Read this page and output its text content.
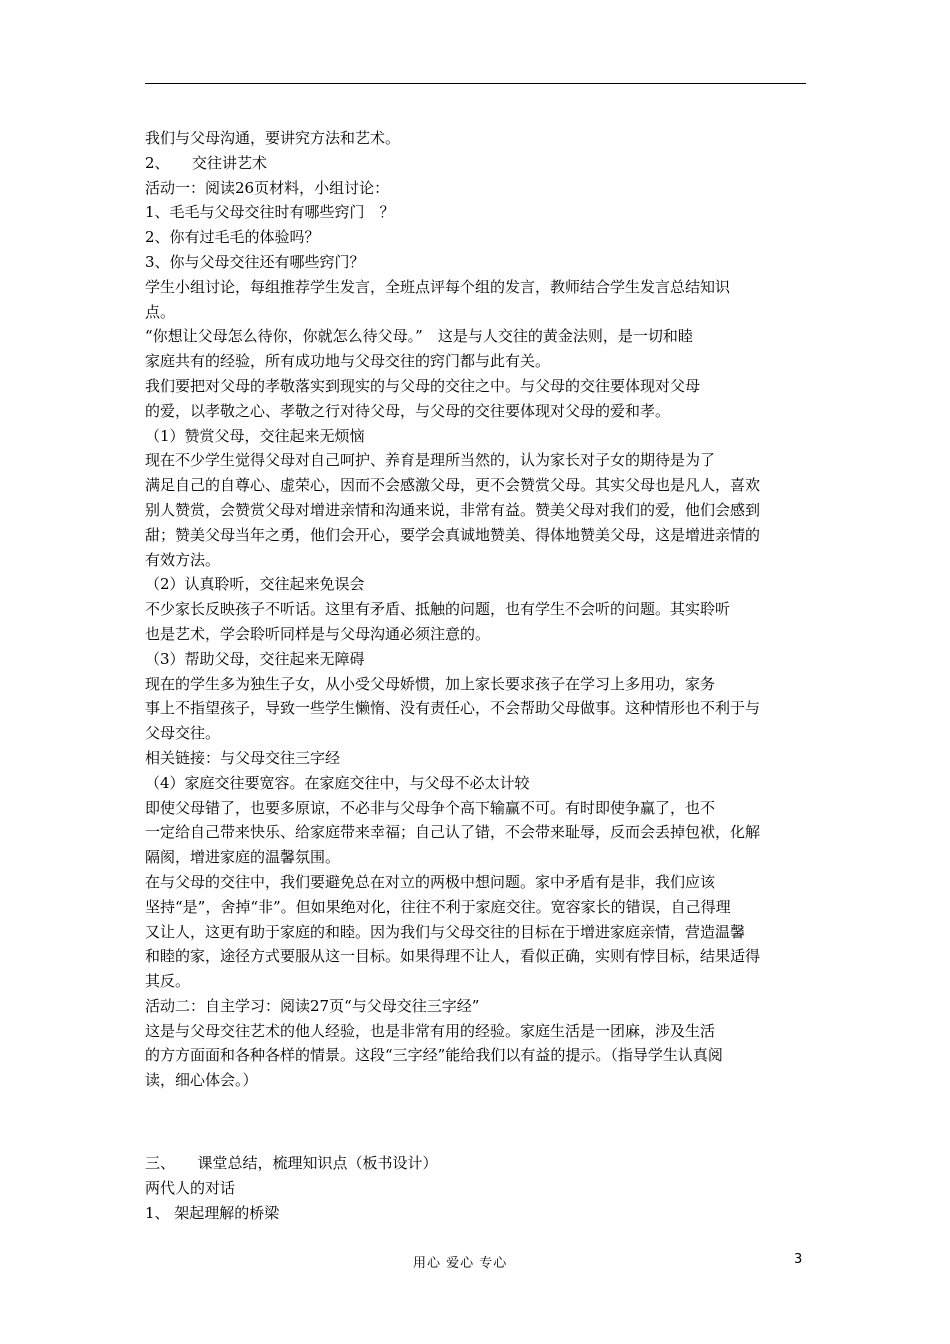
我们与父母沟通，要讲究方法和艺术。

2、　　交往讲艺术

活动一：阅读26页材料，小组讨论：

1、毛毛与父母交往时有哪些窍门　？

2、你有过毛毛的体验吗？

3、你与父母交往还有哪些窍门？

学生小组讨论，每组推荐学生发言，全班点评每个组的发言，教师结合学生发言总结知识

点。

“你想让父母怎么待你，你就怎么待父母。”　这是与人交往的黄金法则，是一切和睦

家庭共有的经验，所有成功地与父母交往的窍门都与此有关。

我们要把对父母的孝敬落实到现实的与父母的交往之中。与父母的交往要体现对父母

的爱，以孝敬之心、孝敬之行对待父母，与父母的交往要体现对父母的爱和孝。

（1）赞赏父母，交往起来无烦恼

现在不少学生觉得父母对自己呵护、养育是理所当然的，认为家长对子女的期待是为了

满足自己的自尊心、虚荣心，因而不会感激父母，更不会赞赏父母。其实父母也是凡人，喜欢

别人赞赏，会赞赏父母对增进亲情和沟通来说，非常有益。赞美父母对我们的爱，他们会感到

甜；赞美父母当年之勇，他们会开心，要学会真诚地赞美、得体地赞美父母，这是增进亲情的

有效方法。

（2）认真聆听，交往起来免误会

不少家长反映孩子不听话。这里有矛盾、抵触的问题，也有学生不会听的问题。其实聆听

也是艺术，学会聆听同样是与父母沟通必须注意的。

（3）帮助父母，交往起来无障碍

现在的学生多为独生子女，从小受父母娇惯，加上家长要求孩子在学习上多用功，家务

事上不指望孩子，导致一些学生懒惰、没有责任心，不会帮助父母做事。这种情形也不利于与

父母交往。

相关链接：与父母交往三字经

（4）家庭交往要宽容。在家庭交往中，与父母不必太计较

即使父母错了，也要多原谅，不必非与父母争个高下输赢不可。有时即使争赢了，也不

一定给自己带来快乐、给家庭带来幸福；自己认了错，不会带来耻辱，反而会丢掉包袱，化解

隔阂，增进家庭的温馨氛围。

在与父母的交往中，我们要避免总在对立的两极中想问题。家中矛盾有是非，我们应该

坚持“是”，舍掉“非”。但如果绝对化，往往不利于家庭交往。宽容家长的错误，自己得理

又让人，这更有助于家庭的和睦。因为我们与父母交往的目标在于增进家庭亲情，营造温馨

和睦的家，途径方式要服从这一目标。如果得理不让人，看似正确，实则有悖目标，结果适得

其反。

活动二：自主学习：阅读27页“与父母交往三字经”

这是与父母交往艺术的他人经验，也是非常有用的经验。家庭生活是一团麻，涉及生活

的方方面面和各种各样的情景。这段“三字经”能给我们以有益的提示。（指导学生认真阅

读，细心体会。）

三、　　课堂总结，梳理知识点（板书设计）

两代人的对话

1、 架起理解的桥梁

用心 爱心 专心	3
